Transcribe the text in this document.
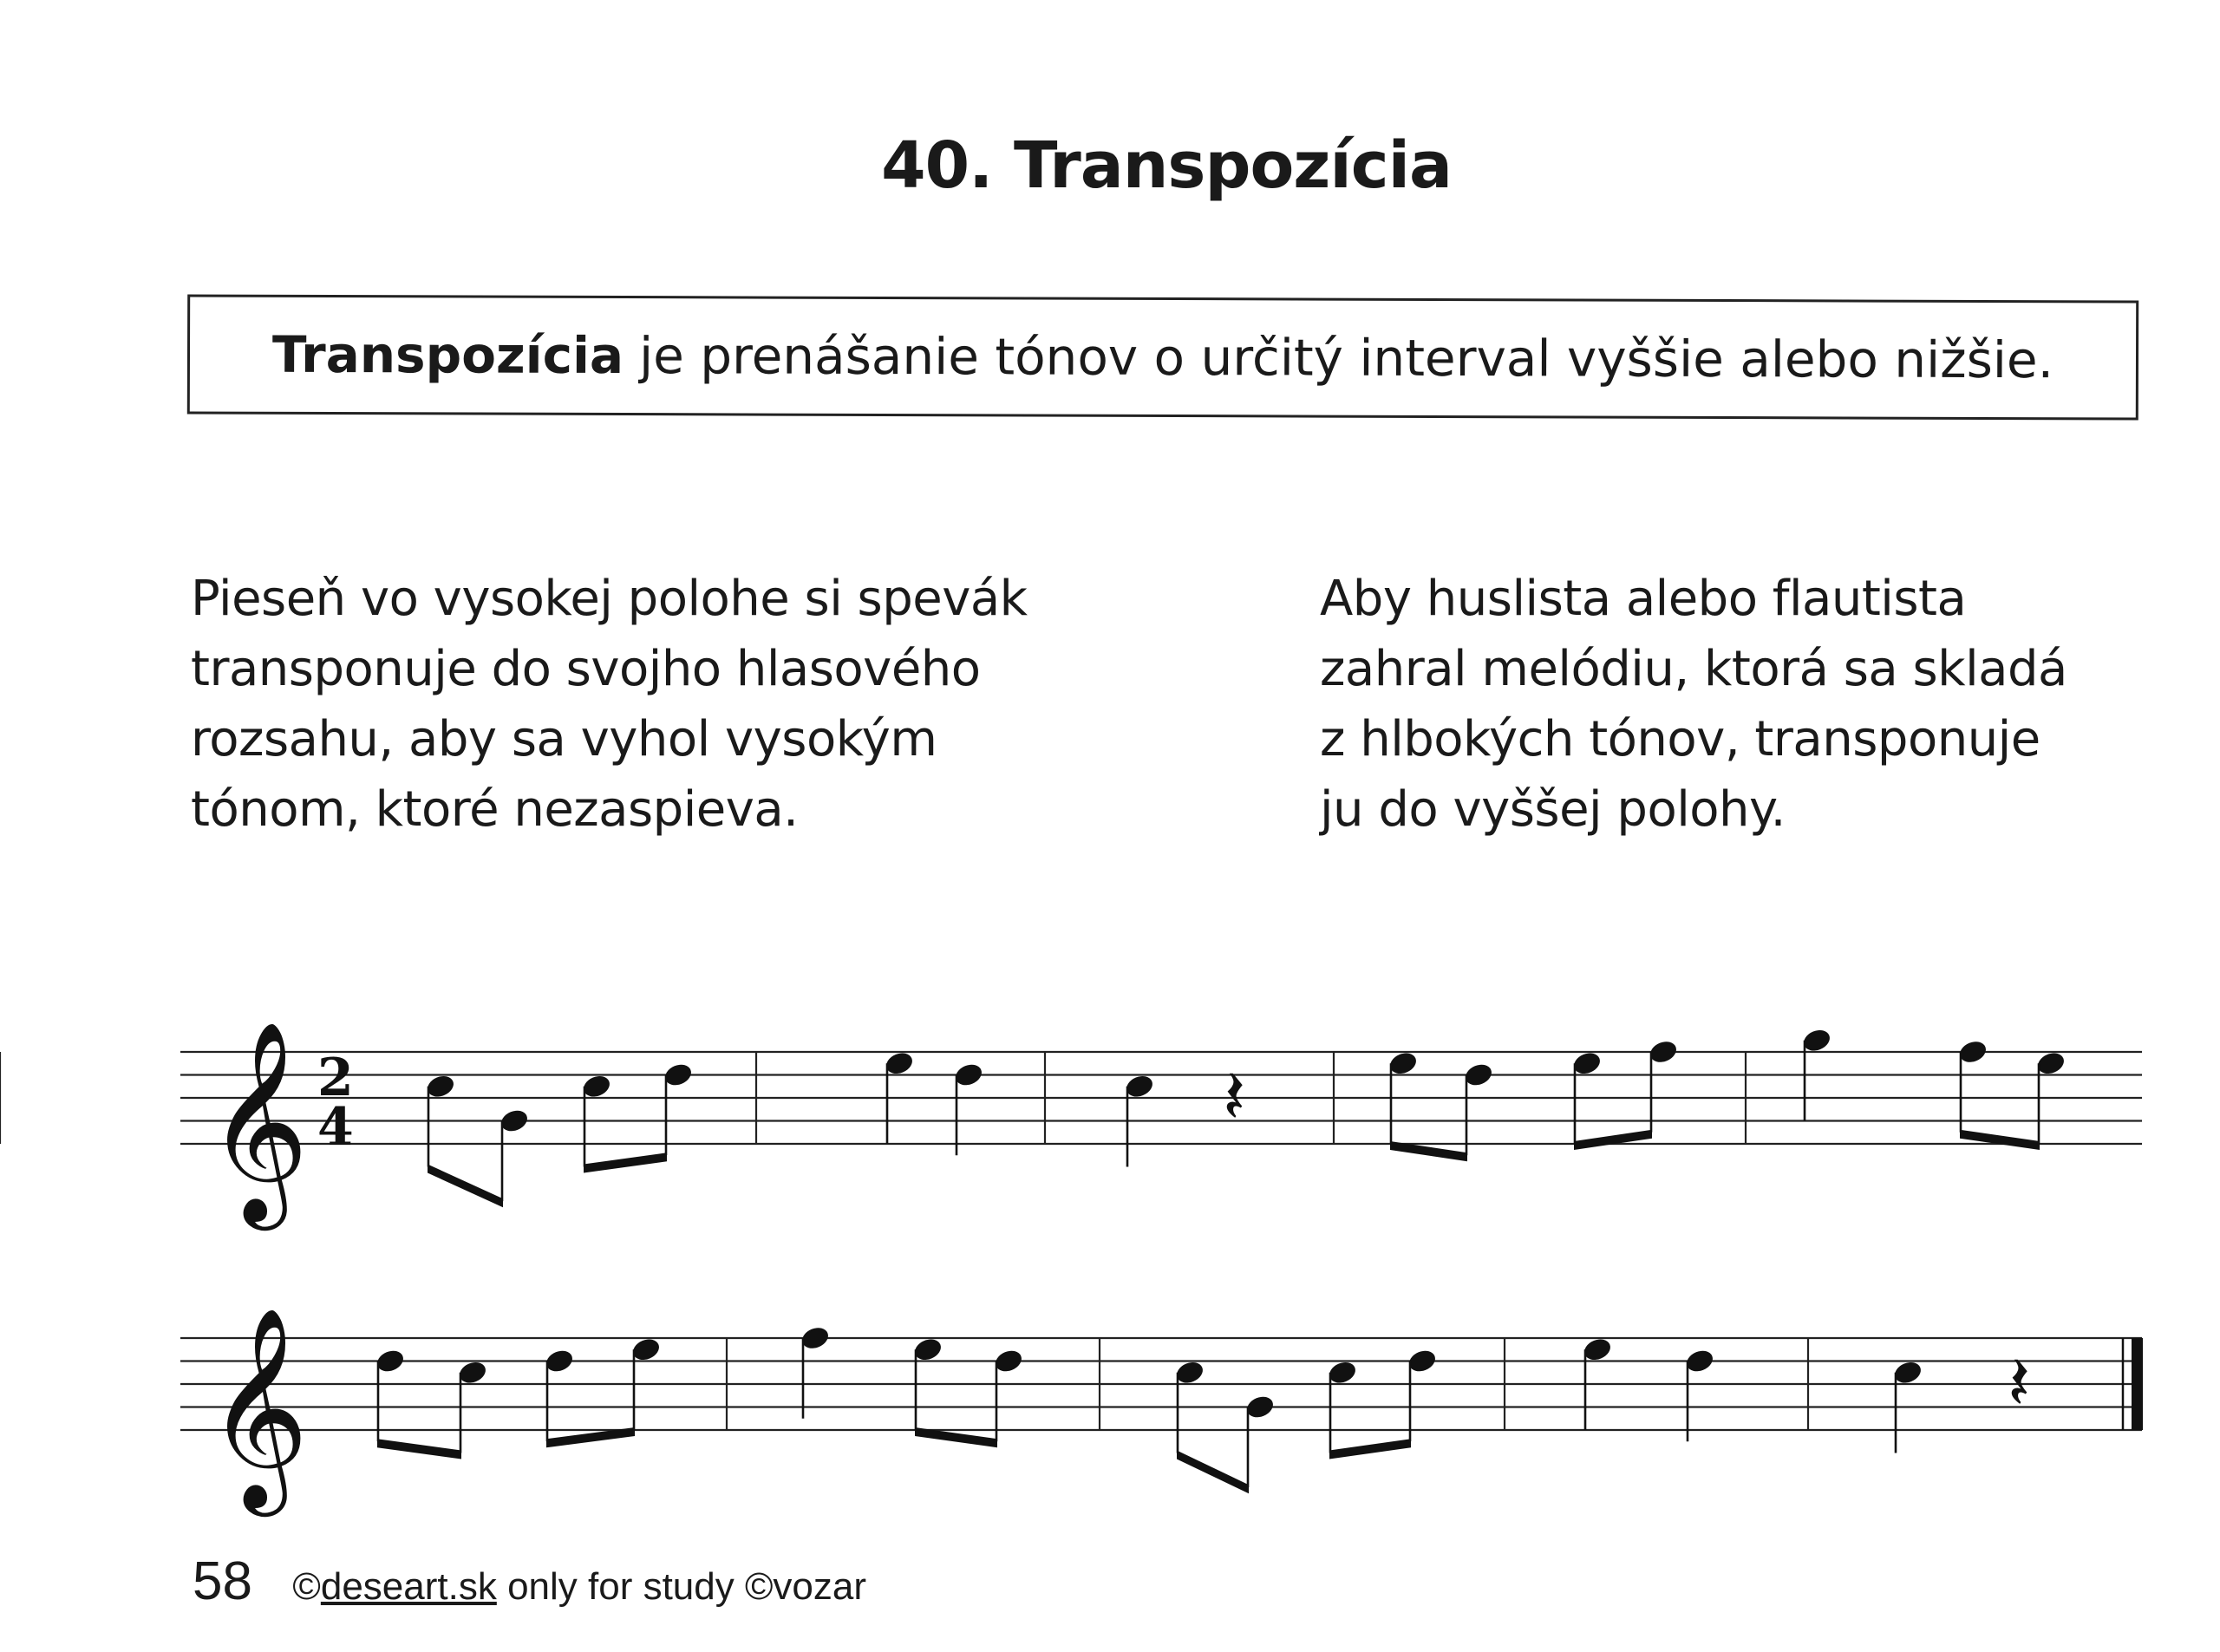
40. Transpozícia
Transpozícia je prenášanie tónov o určitý interval vyššie alebo nižšie.
Pieseň vo vysokej polohe si spevák
transponuje do svojho hlasového
rozsahu, aby sa vyhol vysokým
tónom, ktoré nezaspieva.
Aby huslista alebo flautista
zahral melódiu, ktorá sa skladá
z hlbokých tónov, transponuje
ju do vyššej polohy.
𝄞 2
4	𝄽
𝄞	𝄽
58 ©deseart.sk only for study ©vozar
